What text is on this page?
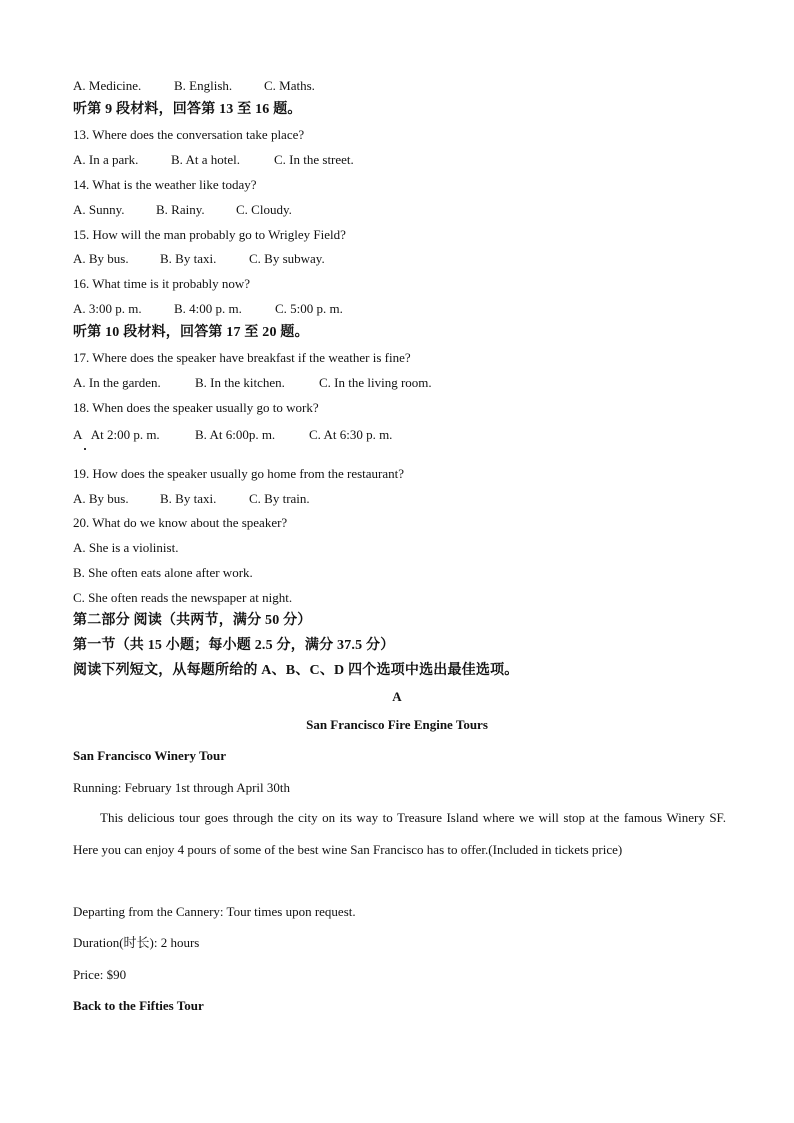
A. Medicine.	B. English. C. Maths.
听第 9 段材料，回答第 13 至 16 题。
13. Where does the conversation take place?
A. In a park.	B. At a hotel.	C. In the street.
14. What is the weather like today?
A. Sunny. B. Rainy. C. Cloudy.
15. How will the man probably go to Wrigley Field?
A. By bus. B. By taxi.	C. By subway.
16. What time is it probably now?
A. 3:00 p. m. B. 4:00 p. m.	C. 5:00 p. m.
听第 10 段材料，回答第 17 至 20 题。
17. Where does the speaker have breakfast if the weather is fine?
A. In the garden.	B. In the kitchen.	C. In the living room.
18. When does the speaker usually go to work?
A   At 2:00 p. m.	B. At 6:00p. m.	C. At 6:30 p. m.
19. How does the speaker usually go home from the restaurant?
A. By bus. B. By taxi.	C. By train.
20. What do we know about the speaker?
A. She is a violinist.
B. She often eats alone after work.
C. She often reads the newspaper at night.
第二部分 阅读（共两节，满分 50 分）
第一节（共 15 小题；每小题 2.5 分，满分 37.5 分）
阅读下列短文，从每题所给的 A、B、C、D 四个选项中选出最佳选项。
A
San Francisco Fire Engine Tours
San Francisco Winery Tour
Running: February 1st through April 30th

This delicious tour goes through the city on its way to Treasure Island where we will stop at the famous Winery SF. Here you can enjoy 4 pours of some of the best wine San Francisco has to offer.(Included in tickets price)

Departing from the Cannery: Tour times upon request.
Duration(时长): 2 hours
Price: $90
Back to the Fifties Tour
